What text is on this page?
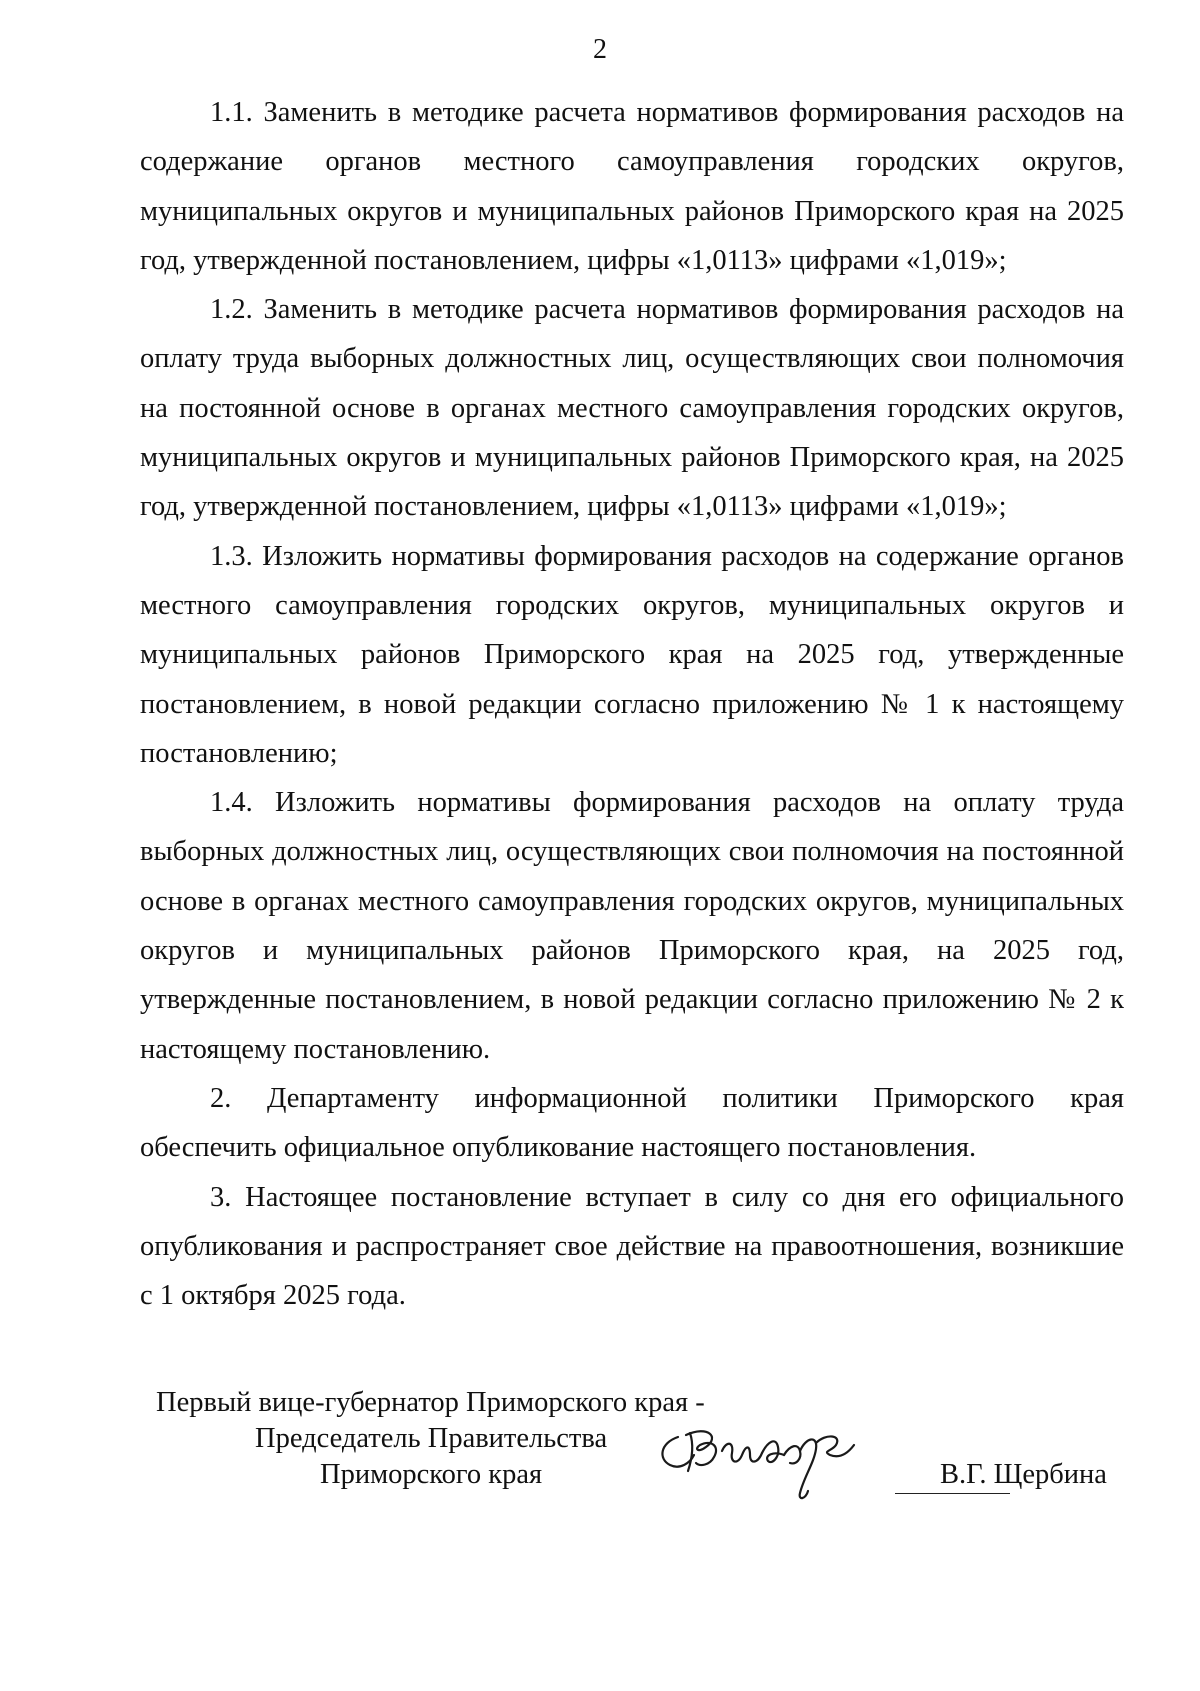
2

1.1. Заменить в методике расчета нормативов формирования расходов на содержание органов местного самоуправления городских округов, муниципальных округов и муниципальных районов Приморского края на 2025 год, утвержденной постановлением, цифры «1,0113» цифрами «1,019»;

1.2. Заменить в методике расчета нормативов формирования расходов на оплату труда выборных должностных лиц, осуществляющих свои полномочия на постоянной основе в органах местного самоуправления городских округов, муниципальных округов и муниципальных районов Приморского края, на 2025 год, утвержденной постановлением, цифры «1,0113» цифрами «1,019»;

1.3. Изложить нормативы формирования расходов на содержание органов местного самоуправления городских округов, муниципальных округов и муниципальных районов Приморского края на 2025 год, утвержденные постановлением, в новой редакции согласно приложению № 1 к настоящему постановлению;

1.4. Изложить нормативы формирования расходов на оплату труда выборных должностных лиц, осуществляющих свои полномочия на постоянной основе в органах местного самоуправления городских округов, муниципальных округов и муниципальных районов Приморского края, на 2025 год, утвержденные постановлением, в новой редакции согласно приложению № 2 к настоящему постановлению.

2. Департаменту информационной политики Приморского края обеспечить официальное опубликование настоящего постановления.

3. Настоящее постановление вступает в силу со дня его официального опубликования и распространяет свое действие на правоотношения, возникшие с 1 октября 2025 года.

Первый вице-губернатор Приморского края -
Председатель Правительства
Приморского края	В.Г. Щербина
